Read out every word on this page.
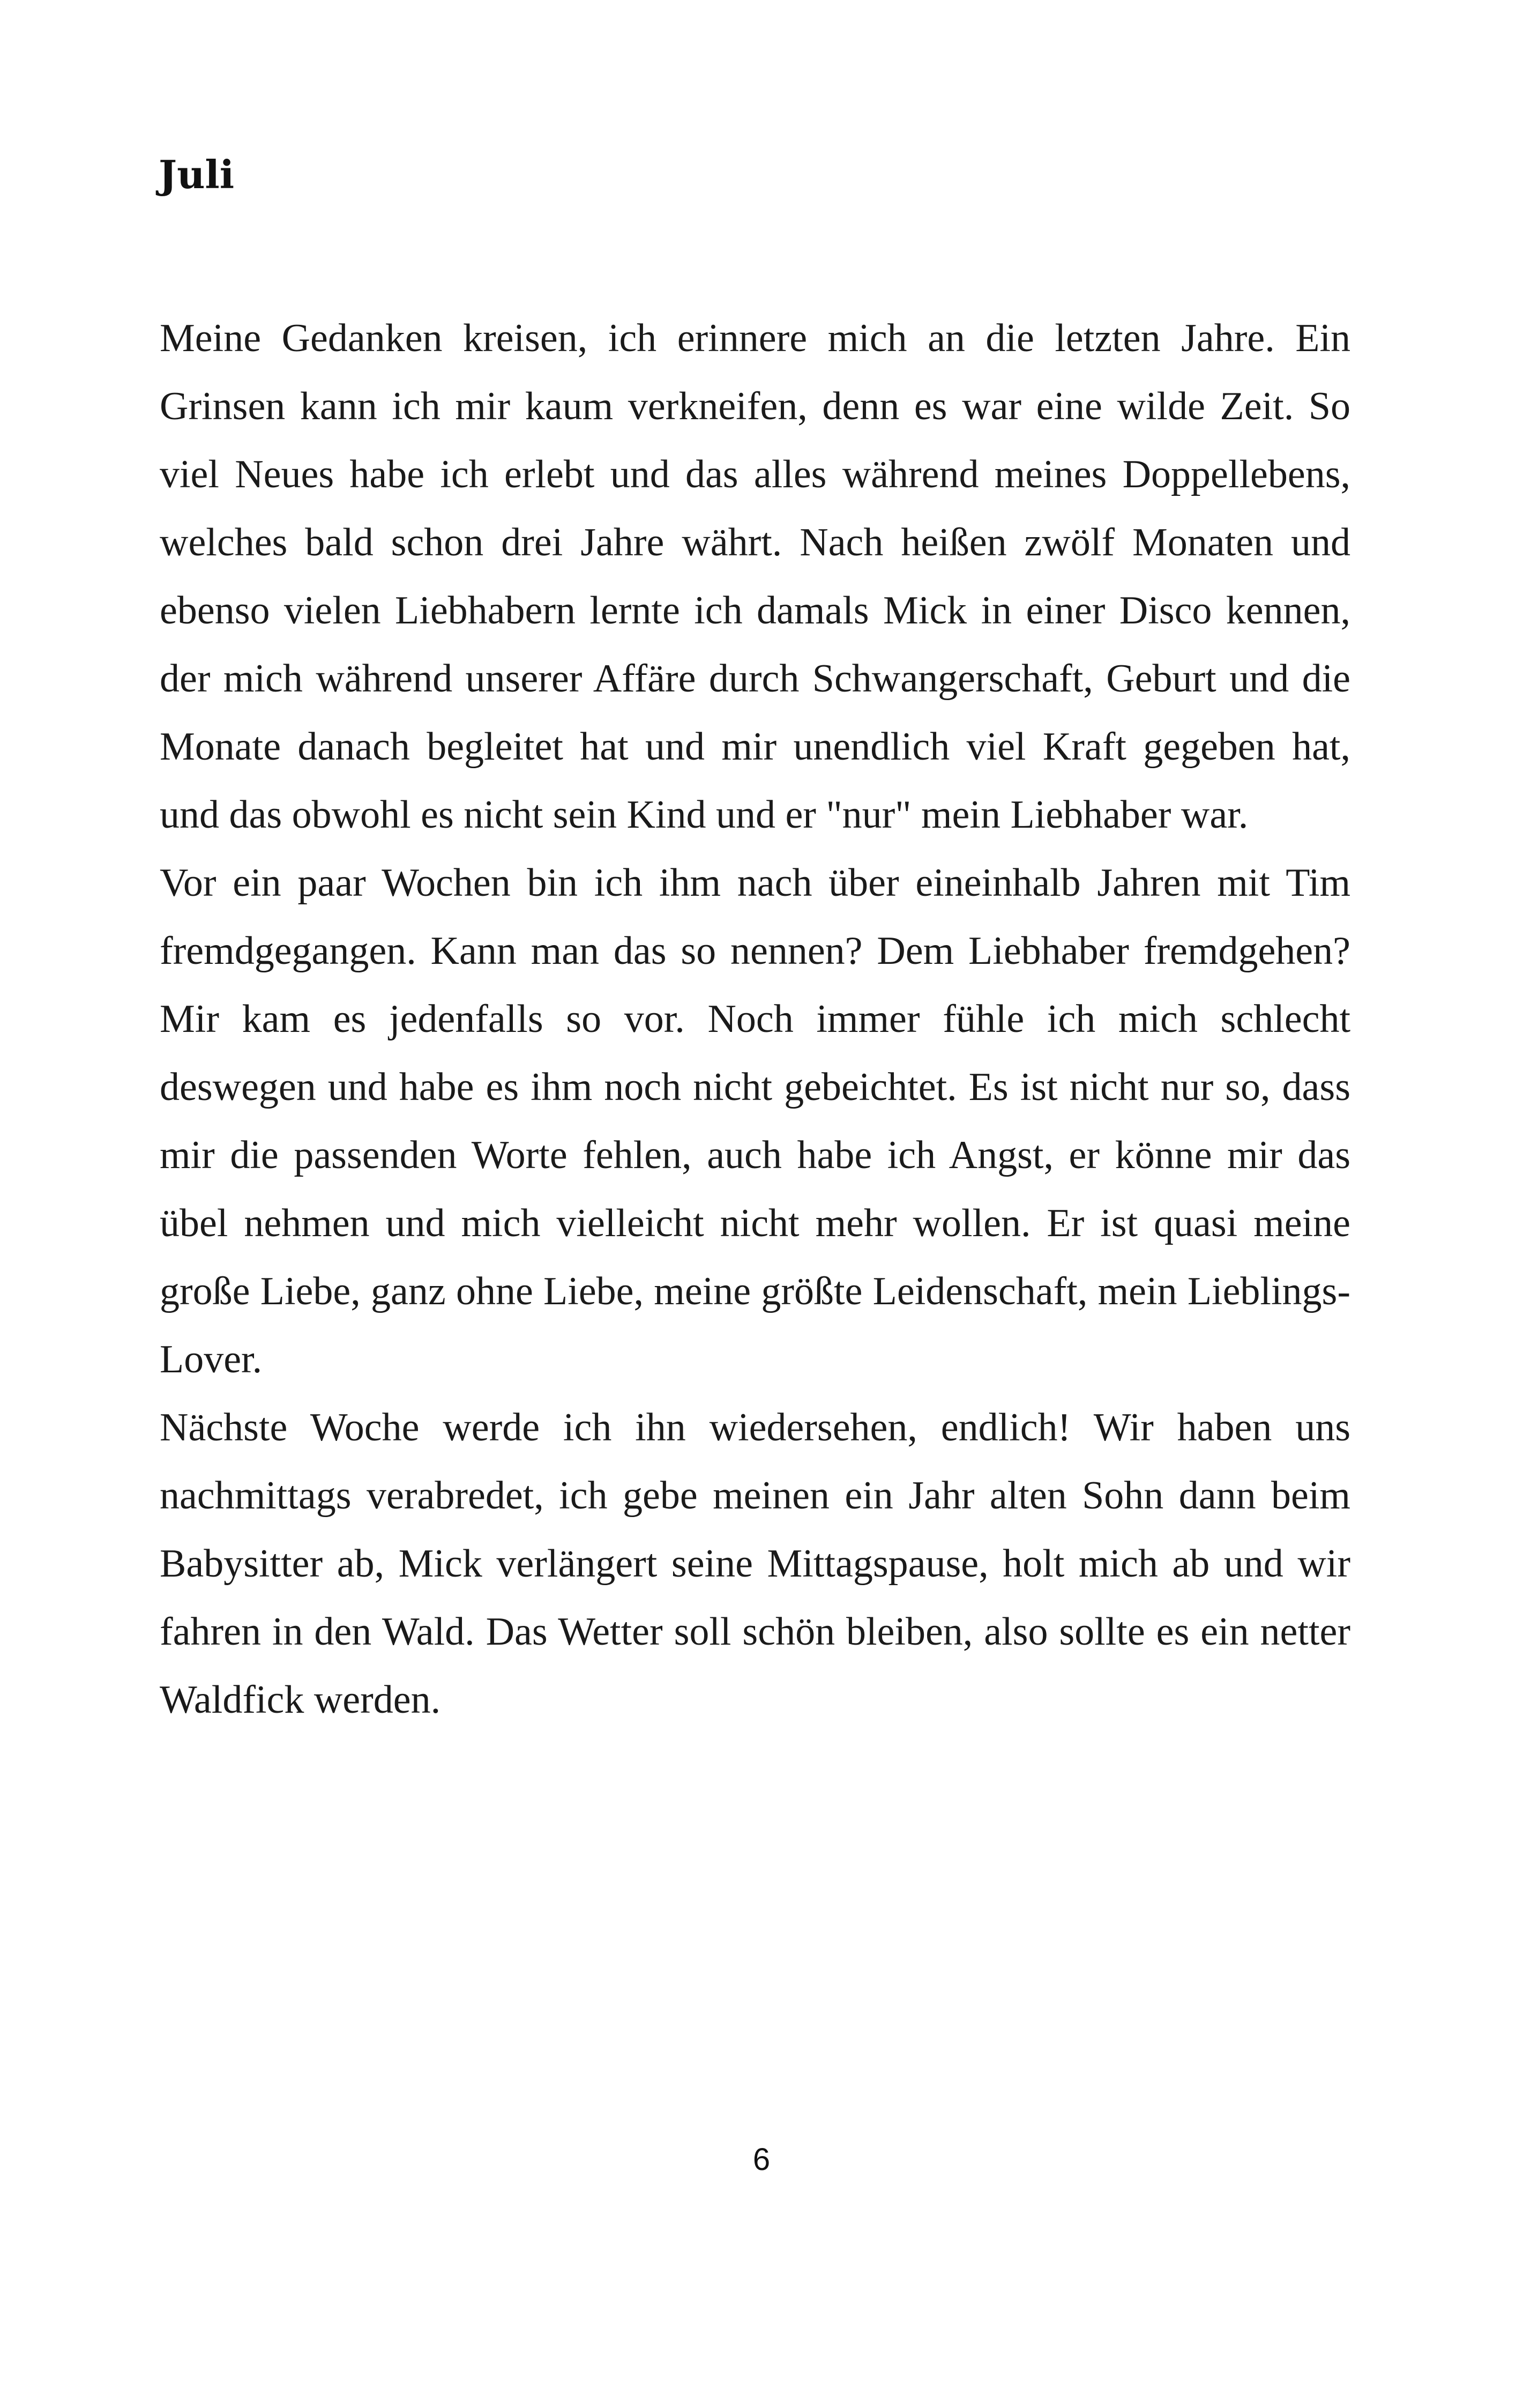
Juli

Meine Gedanken kreisen, ich erinnere mich an die letzten Jahre. Ein Grinsen kann ich mir kaum verkneifen, denn es war eine wilde Zeit. So viel Neues habe ich erlebt und das alles während meines Doppellebens, welches bald schon drei Jahre währt. Nach heißen zwölf Monaten und ebenso vielen Liebhabern lernte ich damals Mick in einer Disco kennen, der mich während unserer Affäre durch Schwangerschaft, Geburt und die Monate danach begleitet hat und mir unendlich viel Kraft gegeben hat, und das obwohl es nicht sein Kind und er "nur" mein Liebhaber war.

Vor ein paar Wochen bin ich ihm nach über eineinhalb Jahren mit Tim fremdgegangen. Kann man das so nennen? Dem Liebhaber fremdgehen? Mir kam es jedenfalls so vor. Noch immer fühle ich mich schlecht deswegen und habe es ihm noch nicht gebeichtet. Es ist nicht nur so, dass mir die passenden Worte fehlen, auch habe ich Angst, er könne mir das übel nehmen und mich vielleicht nicht mehr wollen. Er ist quasi meine große Liebe, ganz ohne Liebe, meine größte Leidenschaft, mein Lieblings-Lover.

Nächste Woche werde ich ihn wiedersehen, endlich! Wir haben uns nachmittags verabredet, ich gebe meinen ein Jahr alten Sohn dann beim Babysitter ab, Mick verlängert seine Mittagspause, holt mich ab und wir fahren in den Wald. Das Wetter soll schön bleiben, also sollte es ein netter Waldfick werden.

6
